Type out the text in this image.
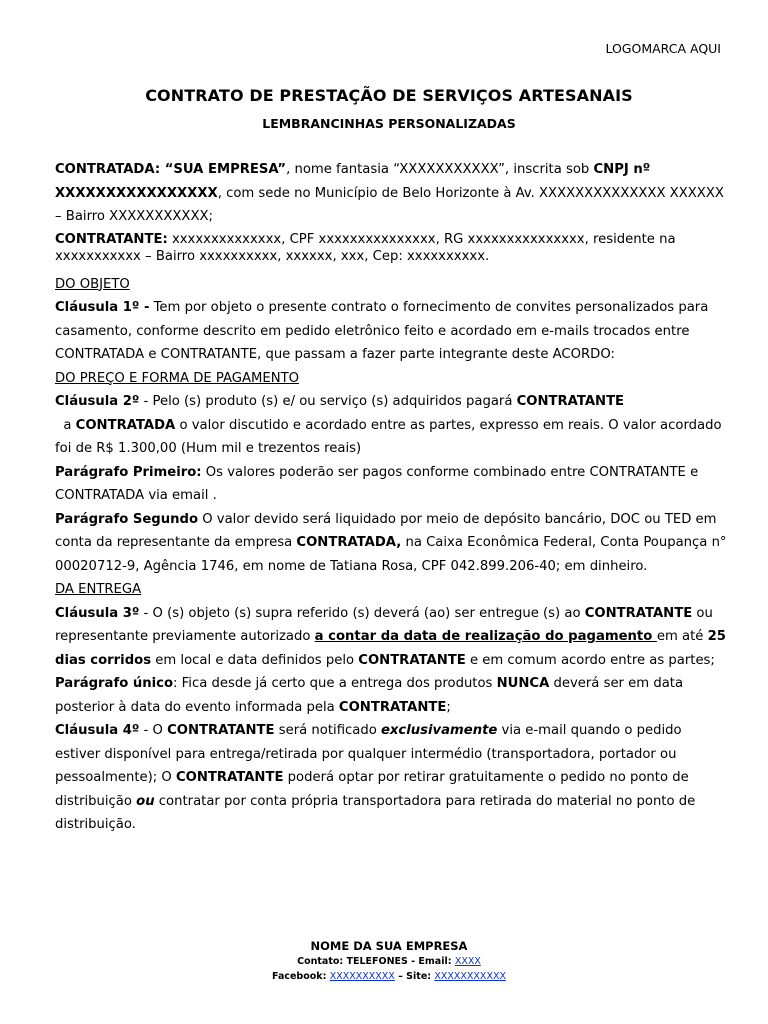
LOGOMARCA AQUI
CONTRATO DE PRESTAÇÃO DE SERVIÇOS ARTESANAIS
LEMBRANCINHAS PERSONALIZADAS

CONTRATADA: “SUA EMPRESA”, nome fantasia “XXXXXXXXXXX”, inscrita sob CNPJ nº XXXXXXXXXXXXXXXX, com sede no Município de Belo Horizonte à Av. XXXXXXXXXXXXXX XXXXXX – Bairro XXXXXXXXXXX;

CONTRATANTE: xxxxxxxxxxxxxx, CPF xxxxxxxxxxxxxxx, RG xxxxxxxxxxxxxxx, residente na xxxxxxxxxxx – Bairro xxxxxxxxxx, xxxxxx, xxx, Cep: xxxxxxxxxx.

DO OBJETO

Cláusula 1º - Tem por objeto o presente contrato o fornecimento de convites personalizados para casamento, conforme descrito em pedido eletrônico feito e acordado em e-mails trocados entre CONTRATADA e CONTRATANTE, que passam a fazer parte integrante deste ACORDO:

DO PREÇO E FORMA DE PAGAMENTO

Cláusula 2º - Pelo (s) produto (s) e/ ou serviço (s) adquiridos pagará CONTRATANTE  a CONTRATADA o valor discutido e acordado entre as partes, expresso em reais. O valor acordado foi de R$ 1.300,00 (Hum mil e trezentos reais)

Parágrafo Primeiro: Os valores poderão ser pagos conforme combinado entre CONTRATANTE e CONTRATADA via email .

Parágrafo Segundo O valor devido será liquidado por meio de depósito bancário, DOC ou TED em conta da representante da empresa CONTRATADA, na Caixa Econômica Federal, Conta Poupança n° 00020712-9, Agência 1746, em nome de Tatiana Rosa, CPF 042.899.206-40; em dinheiro.

DA ENTREGA

Cláusula 3º - O (s) objeto (s) supra referido (s) deverá (ao) ser entregue (s) ao CONTRATANTE ou representante previamente autorizado a contar da data de realização do pagamento em até 25 dias corridos em local e data definidos pelo CONTRATANTE e em comum acordo entre as partes;

Parágrafo único: Fica desde já certo que a entrega dos produtos NUNCA deverá ser em data posterior à data do evento informada pela CONTRATANTE;

Cláusula 4º - O CONTRATANTE será notificado exclusivamente via e-mail quando o pedido estiver disponível para entrega/retirada por qualquer intermédio (transportadora, portador ou pessoalmente); O CONTRATANTE poderá optar por retirar gratuitamente o pedido no ponto de distribuição ou contratar por conta própria transportadora para retirada do material no ponto de distribuição.

NOME DA SUA EMPRESA
Contato: TELEFONES - Email: XXXX
Facebook: XXXXXXXXXX – Site: XXXXXXXXXXX
